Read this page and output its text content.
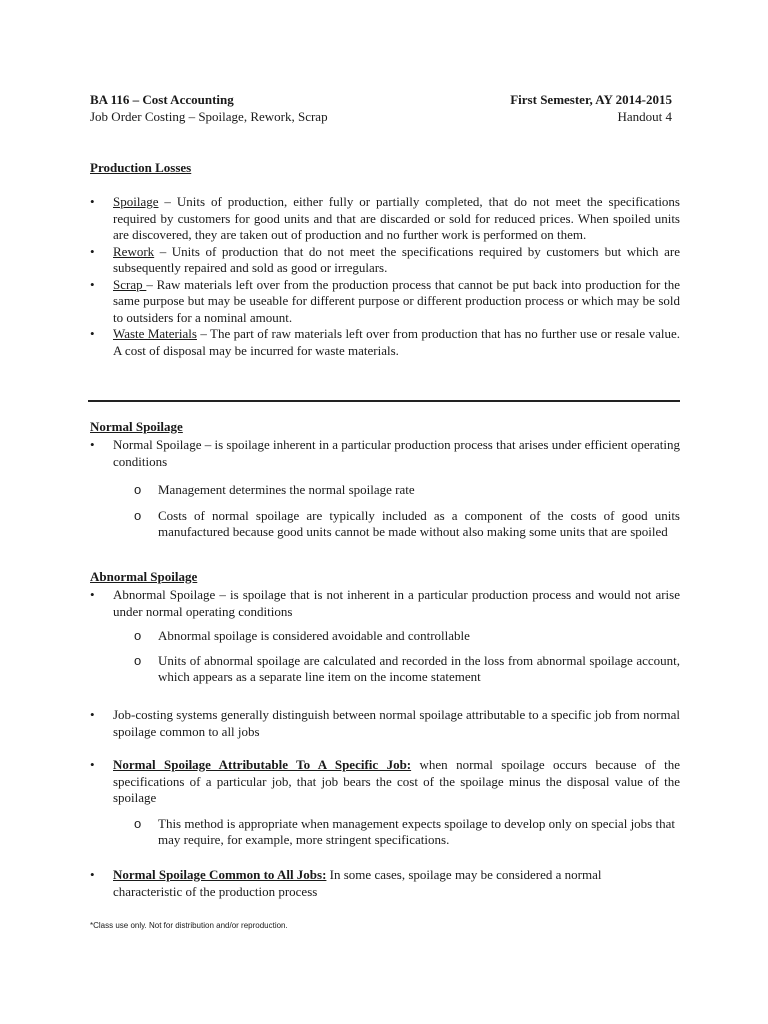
BA 116 – Cost Accounting
Job Order Costing – Spoilage, Rework, Scrap
First Semester, AY 2014-2015
Handout 4
Production Losses
• Spoilage – Units of production, either fully or partially completed, that do not meet the specifications required by customers for good units and that are discarded or sold for reduced prices. When spoiled units are discovered, they are taken out of production and no further work is performed on them.

• Rework – Units of production that do not meet the specifications required by customers but which are subsequently repaired and sold as good or irregulars.

• Scrap – Raw materials left over from the production process that cannot be put back into production for the same purpose but may be useable for different purpose or different production process or which may be sold to outsiders for a nominal amount.

• Waste Materials – The part of raw materials left over from production that has no further use or resale value. A cost of disposal may be incurred for waste materials.

Normal Spoilage
• Normal Spoilage – is spoilage inherent in a particular production process that arises under efficient operating conditions

o Management determines the normal spoilage rate

o Costs of normal spoilage are typically included as a component of the costs of good units manufactured because good units cannot be made without also making some units that are spoiled

Abnormal Spoilage
• Abnormal Spoilage – is spoilage that is not inherent in a particular production process and would not arise under normal operating conditions

o Abnormal spoilage is considered avoidable and controllable

o Units of abnormal spoilage are calculated and recorded in the loss from abnormal spoilage account, which appears as a separate line item on the income statement

• Job-costing systems generally distinguish between normal spoilage attributable to a specific job from normal spoilage common to all jobs

• Normal Spoilage Attributable To A Specific Job: when normal spoilage occurs because of the specifications of a particular job, that job bears the cost of the spoilage minus the disposal value of the spoilage

o This method is appropriate when management expects spoilage to develop only on special jobs that may require, for example, more stringent specifications.

• Normal Spoilage Common to All Jobs: In some cases, spoilage may be considered a normal characteristic of the production process

*Class use only. Not for distribution and/or reproduction.
